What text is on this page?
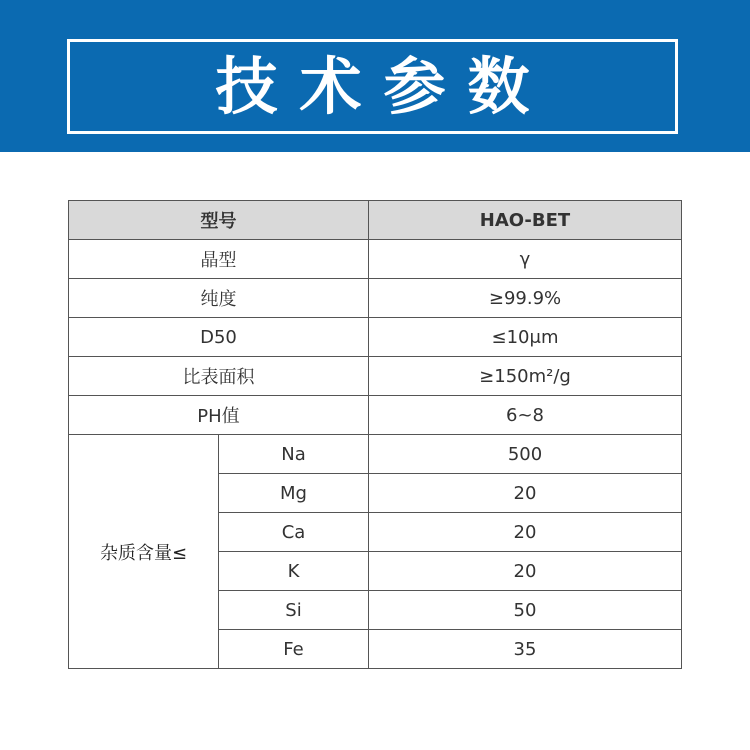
技术参数
型号		HAO-BET
晶型		γ
纯度		≥99.9%
D50		≤10μm
比表面积		≥150m²/g
PH值		6~8
杂质含量≤	Na	500
	Mg	20
	Ca	20
	K	20
	Si	50
	Fe	35
